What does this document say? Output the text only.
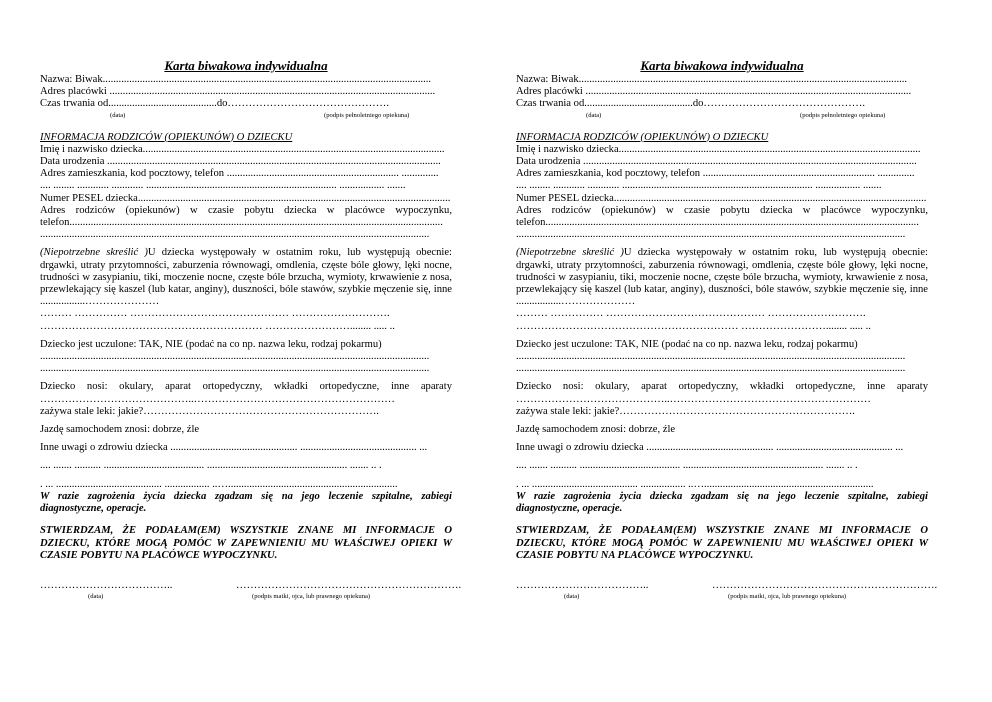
Karta biwakowa indywidualna
Nazwa: Biwak............................................................................................................................
Adres placówki ...........................................................................................................................
Czas trwania od.........................................do……………………………………….
(data)	(podpis pełnoletniego opiekuna)
INFORMACJA RODZICÓW (OPIEKUNÓW) O DZIECKU
Imię i nazwisko dziecka..................................................................................................................
Data urodzenia ..............................................................................................................................
Adres zamieszkania, kod pocztowy, telefon ................................................................. ..............
.... ........ ............ ............ ........................................................................ ................. .......
Numer PESEL dziecka......................................................................................................................
Adres rodziców (opiekunów) w czasie pobytu dziecka w placówce wypoczynku,
telefon.............................................................................................................................................
...................................................................................................................................................
(Niepotrzebne skreślić )U dziecka występowały w ostatnim roku, lub występują obecnie: drgawki, utraty przytomności, zaburzenia równowagi, omdlenia, częste bóle głowy, lęki nocne, trudności w zasypianiu, tiki, moczenie nocne, częste bóle brzucha, wymioty, krwawienie z nosa, przewlekający się kaszel (lub katar, anginy), duszności, bóle stawów, szybkie męczenie się, inne .................…………………
……… …………… ……………………………………… ……………………….
……………………………………………………… ……………………........ ..... ..
Dziecko jest uczulone: TAK, NIE (podać na co np. nazwa leku, rodzaj pokarmu)
...................................................................................................................................................
...................................................................................................................................................
Dziecko nosi: okulary, aparat ortopedyczny, wkładki ortopedyczne, inne aparaty
……………………………………..…………………………………………………
zażywa stale leki: jakie?………………………………………………………….
Jazdę samochodem znosi: dobrze, źle
Inne uwagi o zdrowiu dziecka ................................................ ............................................ ...
.... ....... .......... ...................................... ..................................................... ....... .. .
. ... ........................................ ................. ..…................................................................
W razie zagrożenia życia dziecka zgadzam się na jego leczenie szpitalne, zabiegi diagnostyczne, operacje.
STWIERDZAM, ŻE PODAŁAM(EM) WSZYSTKIE ZNANE MI INFORMACJE O DZIECKU, KTÓRE MOGĄ POMÓC W ZAPEWNIENIU MU WŁAŚCIWEJ OPIEKI W CZASIE POBYTU NA PLACÓWCE WYPOCZYNKU.
………………………………..	……………………………………………………….
(data)	(podpis matki, ojca, lub prawnego opiekuna)
Karta biwakowa indywidualna
Nazwa: Biwak............................................................................................................................
Adres placówki ...........................................................................................................................
Czas trwania od.........................................do……………………………………….
(data)	(podpis pełnoletniego opiekuna)
INFORMACJA RODZICÓW (OPIEKUNÓW) O DZIECKU
Imię i nazwisko dziecka..................................................................................................................
Data urodzenia ..............................................................................................................................
Adres zamieszkania, kod pocztowy, telefon ................................................................. ..............
.... ........ ............ ............ ........................................................................ ................. .......
Numer PESEL dziecka......................................................................................................................
Adres rodziców (opiekunów) w czasie pobytu dziecka w placówce wypoczynku,
telefon.............................................................................................................................................
...................................................................................................................................................
(Niepotrzebne skreślić )U dziecka występowały w ostatnim roku, lub występują obecnie: drgawki, utraty przytomności, zaburzenia równowagi, omdlenia, częste bóle głowy, lęki nocne, trudności w zasypianiu, tiki, moczenie nocne, częste bóle brzucha, wymioty, krwawienie z nosa, przewlekający się kaszel (lub katar, anginy), duszności, bóle stawów, szybkie męczenie się, inne .................…………………
……… …………… ……………………………………… ……………………….
……………………………………………………… ……………………........ ..... ..
Dziecko jest uczulone: TAK, NIE (podać na co np. nazwa leku, rodzaj pokarmu)
...................................................................................................................................................
...................................................................................................................................................
Dziecko nosi: okulary, aparat ortopedyczny, wkładki ortopedyczne, inne aparaty
……………………………………..…………………………………………………
zażywa stale leki: jakie?………………………………………………………….
Jazdę samochodem znosi: dobrze, źle
Inne uwagi o zdrowiu dziecka ................................................ ............................................ ...
.... ....... .......... ...................................... ..................................................... ....... .. .
. ... ........................................ ................. ..…................................................................
W razie zagrożenia życia dziecka zgadzam się na jego leczenie szpitalne, zabiegi diagnostyczne, operacje.
STWIERDZAM, ŻE PODAŁAM(EM) WSZYSTKIE ZNANE MI INFORMACJE O DZIECKU, KTÓRE MOGĄ POMÓC W ZAPEWNIENIU MU WŁAŚCIWEJ OPIEKI W CZASIE POBYTU NA PLACÓWCE WYPOCZYNKU.
………………………………..	……………………………………………………….
(data)	(podpis matki, ojca, lub prawnego opiekuna)
